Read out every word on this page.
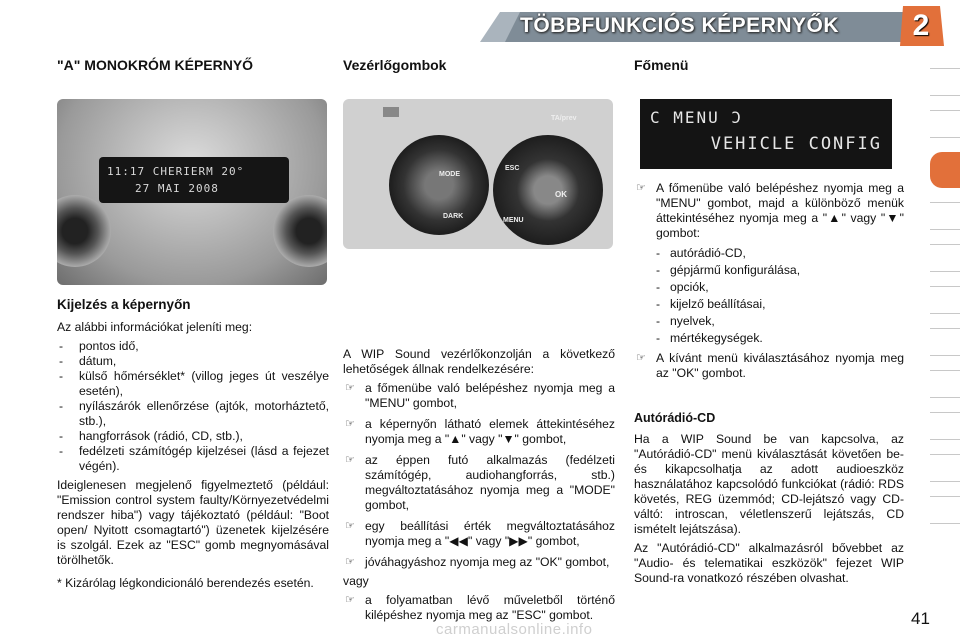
TÖBBFUNKCIÓS KÉPERNYŐK	2
"A" MONOKRÓM KÉPERNYŐ
11:17 CHERIERM 20°
27 MAI 2008
Kijelzés a képernyőn

Az alábbi információkat jeleníti meg:

- pontos idő,
- dátum,
- külső hőmérséklet* (villog jeges út veszélye esetén),
- nyílászárók ellenőrzése (ajtók, motorháztető, stb.),
- hangforrások (rádió, CD, stb.),
- fedélzeti számítógép kijelzései (lásd a fejezet végén).

Ideiglenesen megjelenő figyelmeztető (például: "Emission control system faulty/Környezetvédelmi rendszer hiba") vagy tájékoztató (például: "Boot open/ Nyitott csomagtartó") üzenetek kijelzésére is szolgál. Ezek az "ESC" gomb megnyomásával törölhetők.

* Kizárólag légkondicionáló berendezés esetén.

Vezérlőgombok
TA/prev
MODE
DARK
ESC
MENU
OK

A WIP Sound vezérlőkonzolján a következő lehetőségek állnak rendelkezésére:

☞ a főmenübe való belépéshez nyomja meg a "MENU" gombot,
☞ a képernyőn látható elemek áttekintéséhez nyomja meg a "▲" vagy "▼" gombot,
☞ az éppen futó alkalmazás (fedélzeti számítógép, audiohangforrás, stb.) megváltoztatásához nyomja meg a "MODE" gombot,
☞ egy beállítási érték megváltoztatásához nyomja meg a "◀◀" vagy "▶▶" gombot,
☞ jóváhagyáshoz nyomja meg az "OK" gombot,

vagy

☞ a folyamatban lévő műveletből történő kilépéshez nyomja meg az "ESC" gombot.
Főmenü
C MENU Ɔ
VEHICLE CONFIG
☞ A főmenübe való belépéshez nyomja meg a "MENU" gombot, majd a különböző menük áttekintéséhez nyomja meg a "▲" vagy "▼" gombot:
- autórádió-CD,
- gépjármű konfigurálása,
- opciók,
- kijelző beállításai,
- nyelvek,
- mértékegységek.
☞ A kívánt menü kiválasztásához nyomja meg az "OK" gombot.
Autórádió-CD

Ha a WIP Sound be van kapcsolva, az "Autórádió-CD" menü kiválasztását követően be- és kikapcsolhatja az adott audioeszköz használatához kapcsolódó funkciókat (rádió: RDS követés, REG üzemmód; CD-lejátszó vagy CD-váltó: introscan, véletlenszerű lejátszás, CD ismételt lejátszása).

Az "Autórádió-CD" alkalmazásról bővebbet az "Audio- és telematikai eszközök" fejezet WIP Sound-ra vonatkozó részében olvashat.

41
carmanualsonline.info
